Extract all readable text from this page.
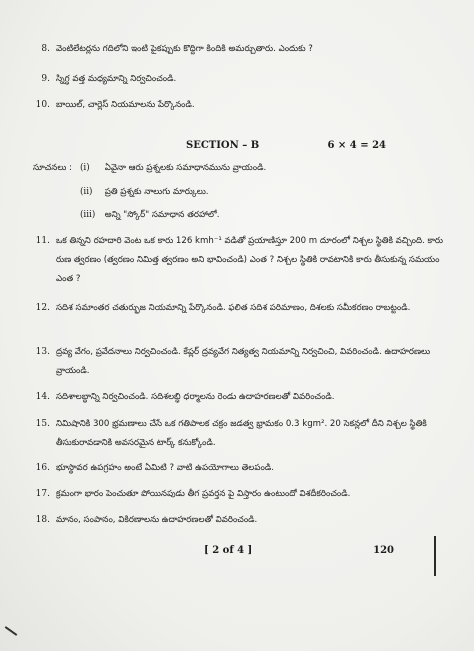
8. వెంటిలేటర్లను గదిలోని ఇంటి పైకప్పుకు కొద్దిగా కిందికి అమర్చుతారు. ఎందుకు ?
9. స్నిగ్ధ వత్త మధ్యమాన్ని నిర్వచించండి.
10. బాయిల్, చార్లెస్ నియమాలను పేర్కొనండి.
SECTION – B	6 × 4 = 24
సూచనలు : (i) ఏవైనా ఆరు ప్రశ్నలకు సమాధానమును వ్రాయండి.
(ii) ప్రతి ప్రశ్నకు నాలుగు మార్కులు.
(iii) అన్ని "స్కోర్" సమాధాన తరహాలో.
11. ఒక తిన్నని రహదారి వెంట ఒక కారు 126 kmh⁻¹ వడితో ప్రయాణిస్తూ 200 m దూరంలో నిశ్చల స్థితికి వచ్చింది. కారు రుణ త్వరణం (త్వరణం నిమిత్త త్వరణం అని భావించండి) ఎంత ? నిశ్చల స్థితికి రావటానికి కారు తీసుకున్న సమయం ఎంత ?
12. సదిశ సమాంతర చతుర్భుజ నియమాన్ని పేర్కొనండి. ఫలిత సదిశ పరిమాణం, దిశలకు సమీకరణం రాబట్టండి.
13. ద్రవ్య వేగం, ప్రవేదనాలు నిర్వచించండి. కేప్లర్ ద్రవ్యవేగ నిత్యత్వ నియమాన్ని నిర్వచించి, వివరించండి. ఉదాహరణలు వ్రాయండి.
14. సదిశాలబ్ధాన్ని నిర్వచించండి. సదిశలబ్ధి ధర్మాలను రెండు ఉదాహరణలతో వివరించండి.
15. నిమిషానికి 300 భ్రమణాలు చేసే ఒక గతిపాలక చక్రం జడత్వ భ్రామకం 0.3 kgm². 20 సెకన్లలో దీని నిశ్చల స్థితికి తీసుకురావడానికి అవసరమైన టార్క్ కనుక్కోండి.
16. భూస్థావర ఉపగ్రహం అంటే ఏమిటి ? వాటి ఉపయోగాలు తెలపండి.
17. క్రమంగా భారం పెంచుతూ పోయినపుడు తీగ ప్రవర్తన పై విస్తారం ఉంటుందో విశదీకరించండి.
18. మానం, సంపానం, వికిరణాలను ఉదాహరణలతో వివరించండి.
[ 2 of 4 ]	120
